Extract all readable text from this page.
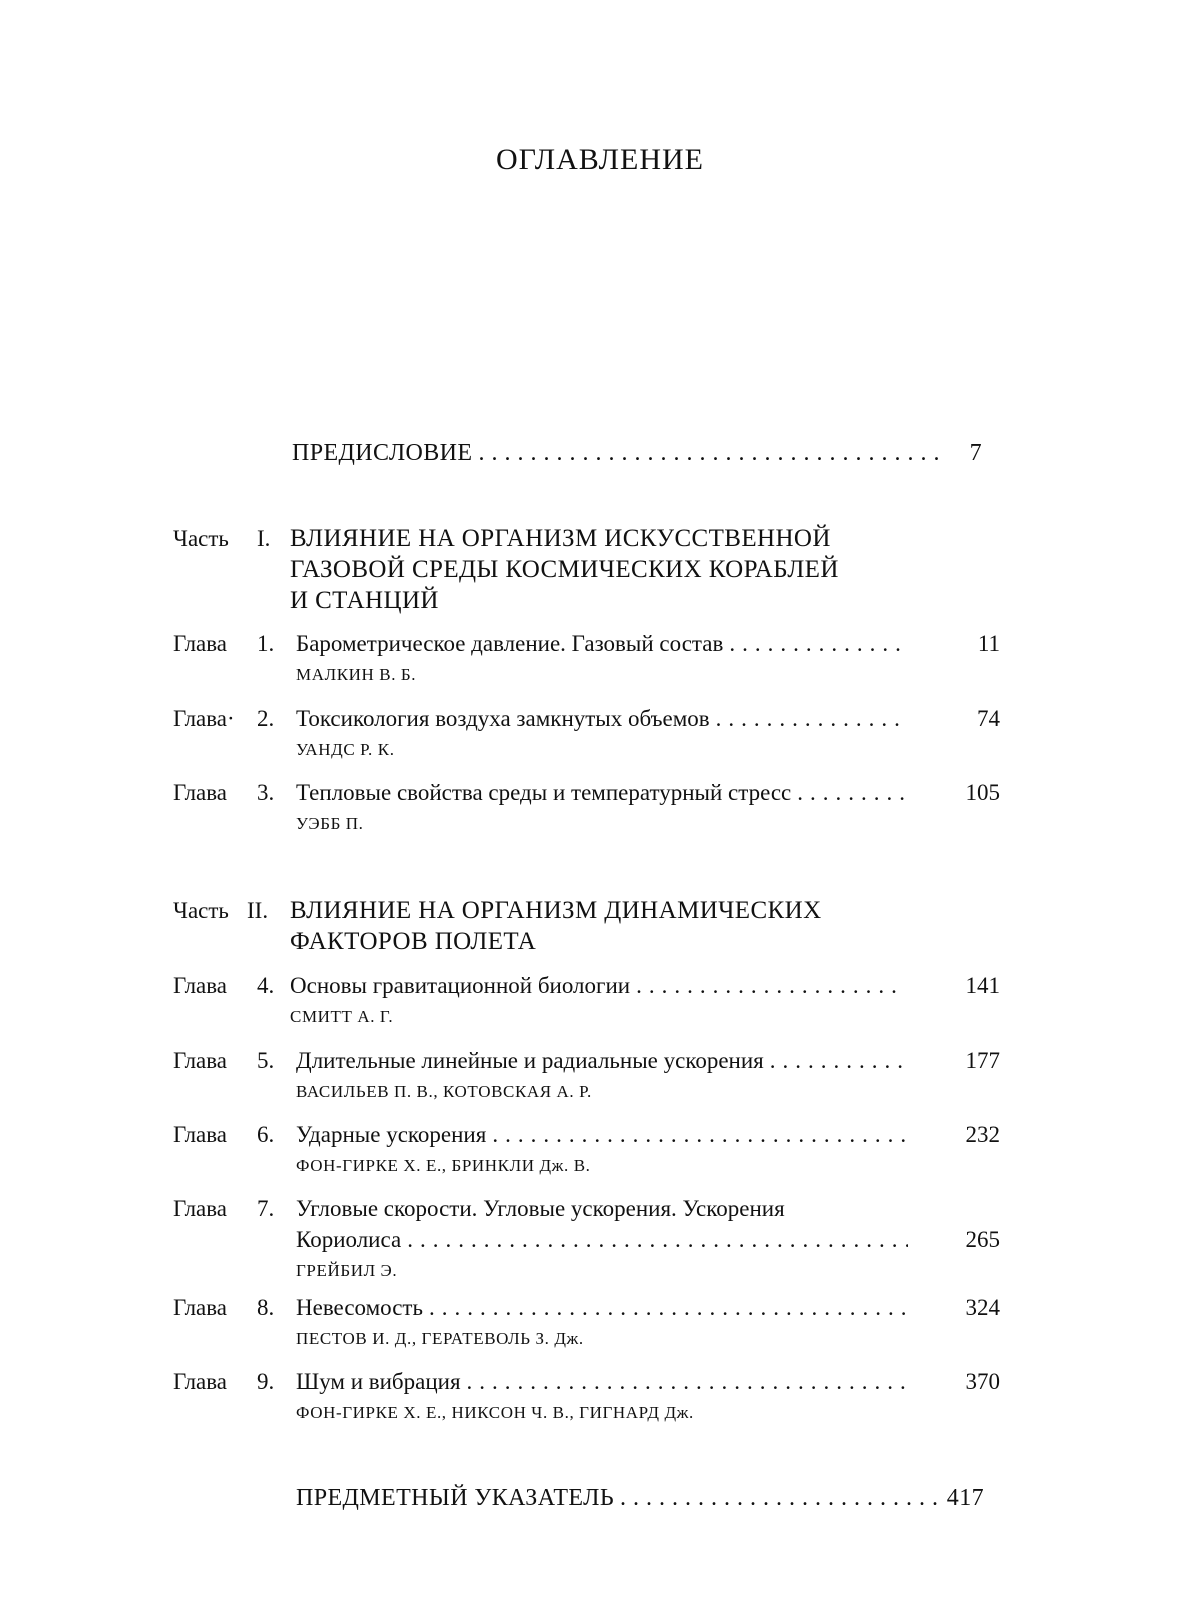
ОГЛАВЛЕНИЕ
ПРЕДИСЛОВИЕ .....	7
Часть I. ВЛИЯНИЕ НА ОРГАНИЗМ ИСКУССТВЕННОЙ
ГАЗОВОЙ СРЕДЫ КОСМИЧЕСКИХ КОРАБЛЕЙ
И СТАНЦИЙ
Глава 1. Барометрическое давление. Газовый состав
.....
МАЛКИН В. Б.
11
Глава· 2. Токсикология воздуха замкнутых объемов
.....
УАНДС Р. К.
74
Глава 3. Тепловые свойства среды и температурный стресс
.....
УЭББ П.
105
Часть II. ВЛИЯНИЕ НА ОРГАНИЗМ ДИНАМИЧЕСКИХ
ФАКТОРОВ ПОЛЕТА
Глава 4. Основы гравитационной биологии
.....
СМИТТ А. Г.
141
Глава 5. Длительные линейные и радиальные ускорения
.....
ВАСИЛЬЕВ П. В., КОТОВСКАЯ А. Р.
177
Глава 6. Ударные ускорения
.....
ФОН-ГИРКЕ Х. Е., БРИНКЛИ Дж. В.
232
Глава 7. Угловые скорости. Угловые ускорения. Ускорения
Кориолиса
.....
ГРЕЙБИЛ Э.
265
Глава 8. Невесомость
.....
ПЕСТОВ И. Д., ГЕРАТЕВОЛЬ З. Дж.
324
Глава 9. Шум и вибрация
.....
ФОН-ГИРКЕ Х. Е., НИКСОН Ч. В., ГИГНАРД Дж.
370
ПРЕДМЕТНЫЙ УКАЗАТЕЛЬ .....	417
